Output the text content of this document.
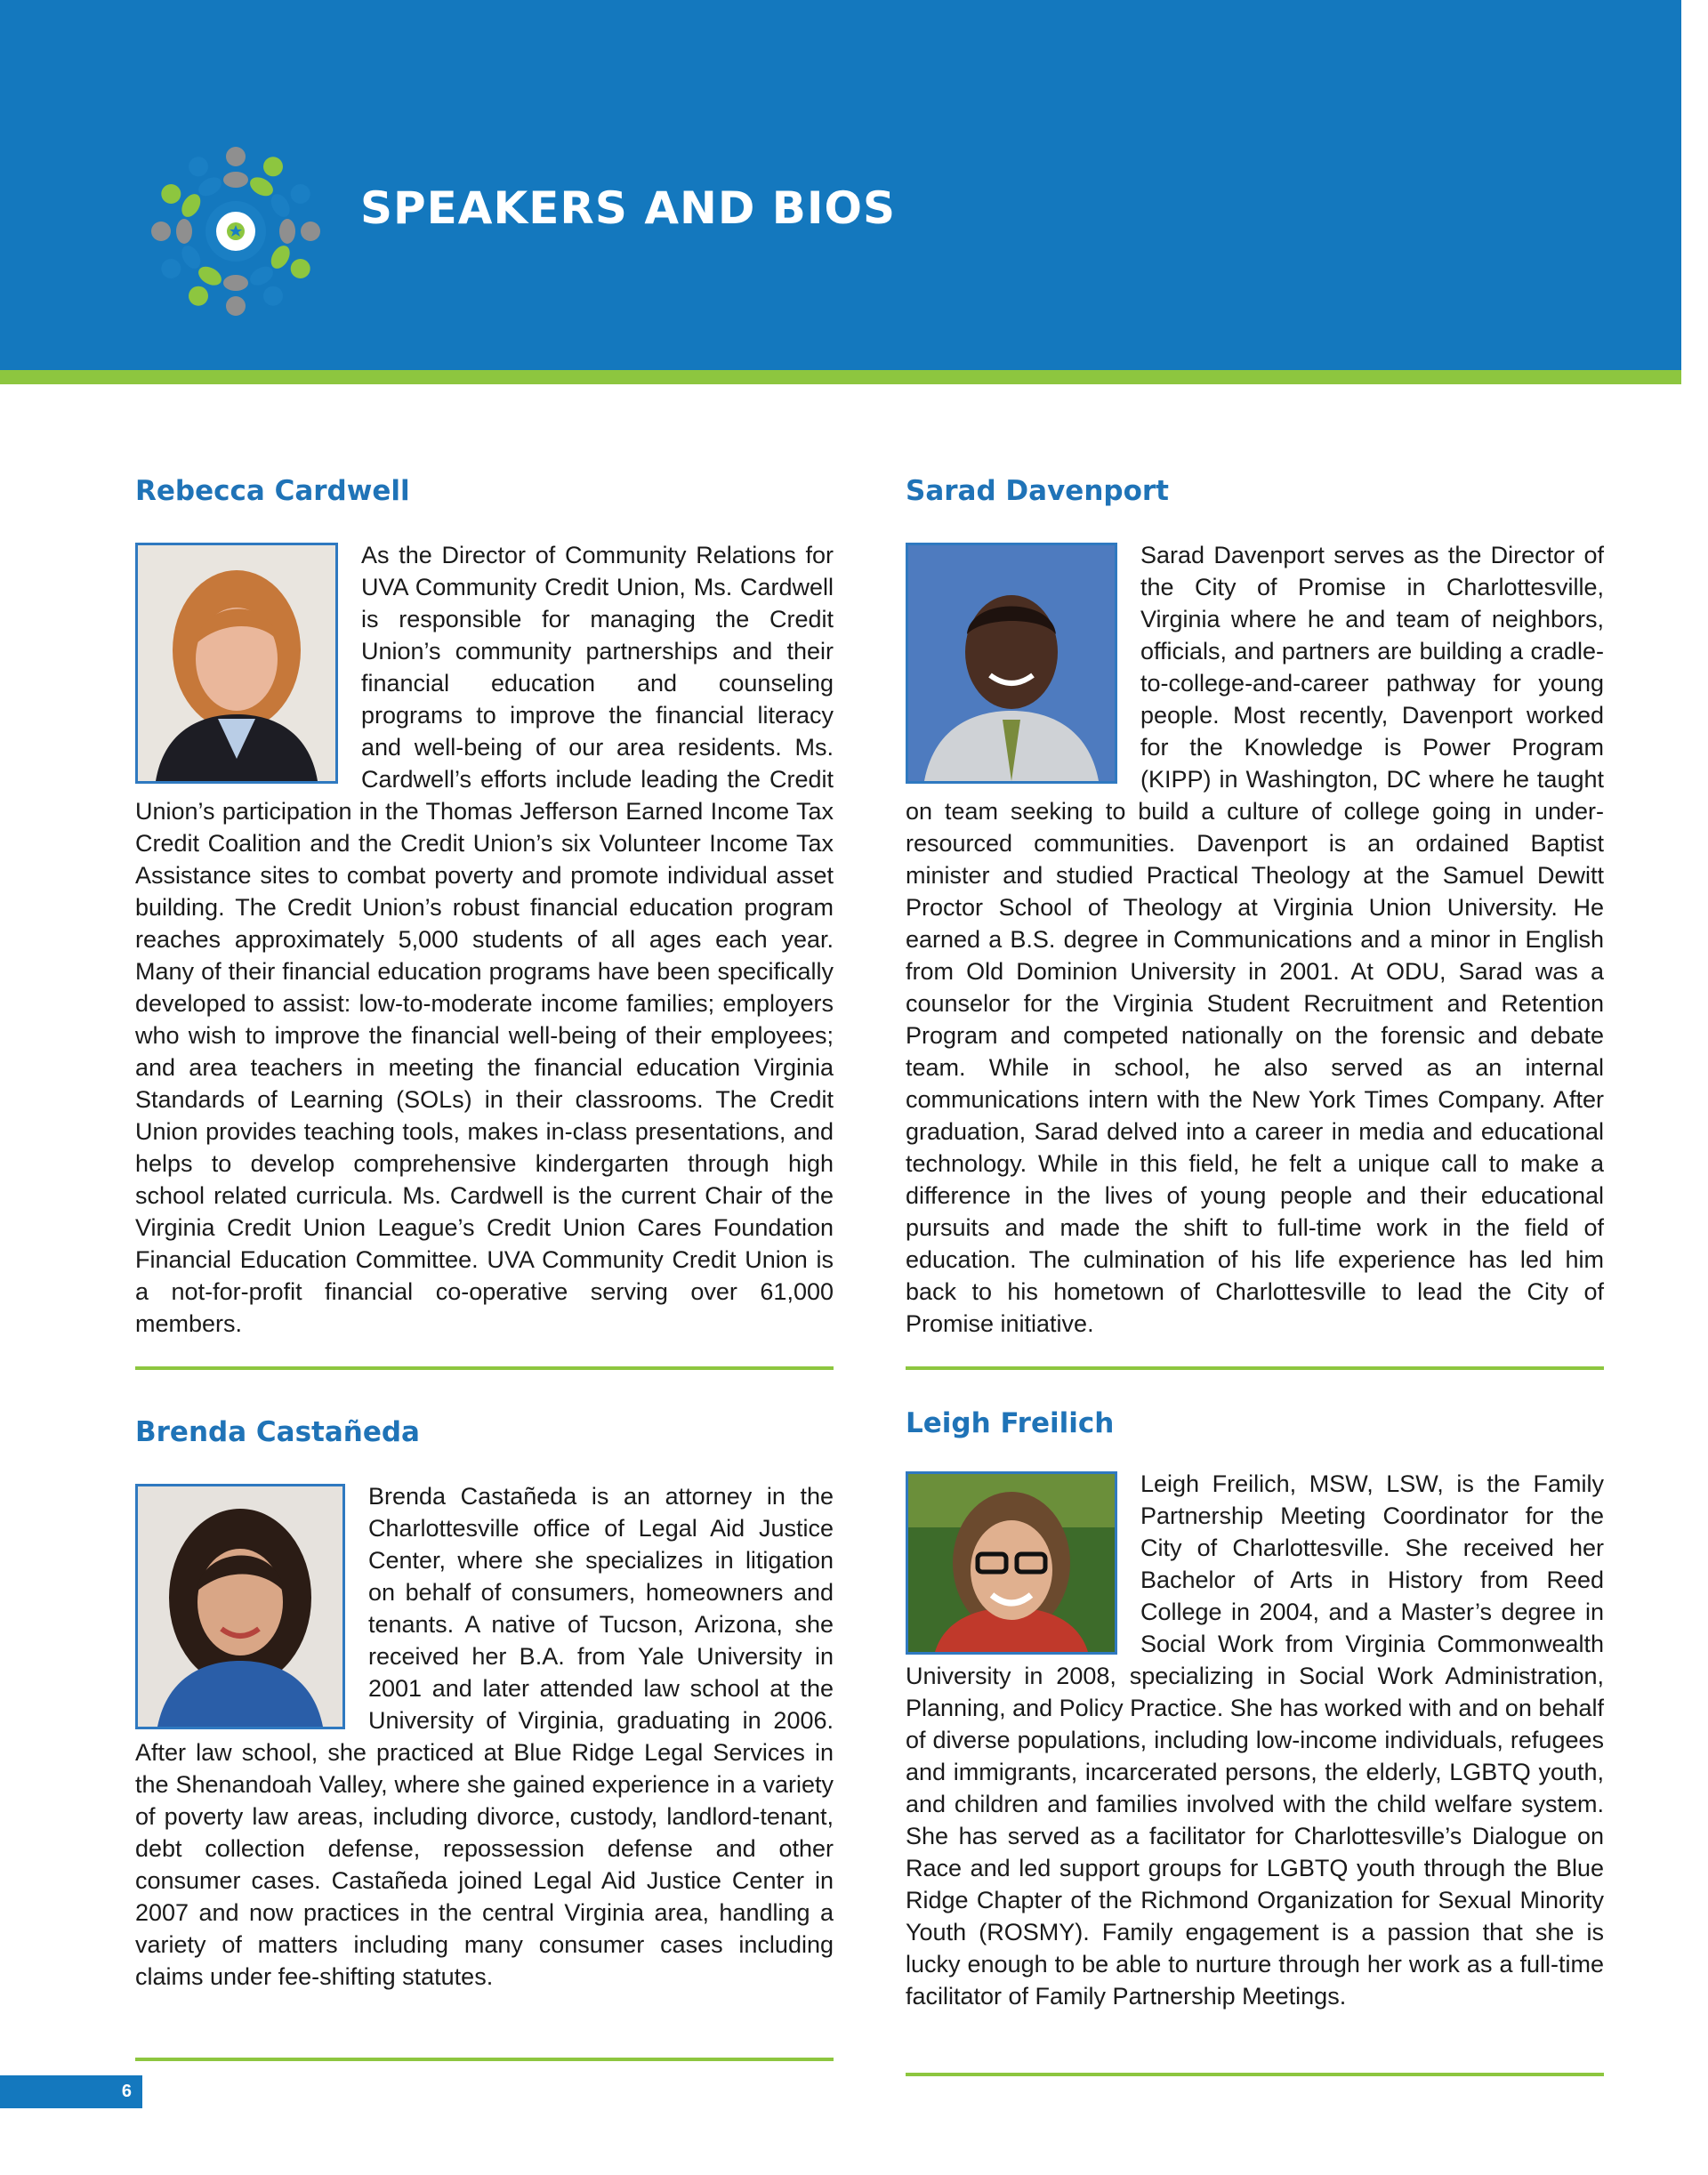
SPEAKERS AND BIOS
Rebecca Cardwell
As the Director of Community Relations for UVA Community Credit Union, Ms. Cardwell is responsible for managing the Credit Union’s community partnerships and their financial education and counseling programs to improve the financial literacy and well-being of our area residents. Ms. Cardwell’s efforts include leading the Credit Union’s participation in the Thomas Jefferson Earned Income Tax Credit Coalition and the Credit Union’s six Volunteer Income Tax Assistance sites to combat poverty and promote individual asset building. The Credit Union’s robust financial education program reaches approximately 5,000 students of all ages each year. Many of their financial education programs have been specifically developed to assist: low-to-moderate income families; employers who wish to improve the financial well-being of their employees; and area teachers in meeting the financial education Virginia Standards of Learning (SOLs) in their classrooms. The Credit Union provides teaching tools, makes in-class presentations, and helps to develop comprehensive kindergarten through high school related curricula. Ms. Cardwell is the current Chair of the Virginia Credit Union League’s Credit Union Cares Foundation Financial Education Committee. UVA Community Credit Union is a not-for-profit financial co-operative serving over 61,000 members.
Sarad Davenport
Sarad Davenport serves as the Director of the City of Promise in Charlottesville, Virginia where he and team of neighbors, officials, and partners are building a cradle-to-college-and-career pathway for young people. Most recently, Davenport worked for the Knowledge is Power Program (KIPP) in Washington, DC where he taught on team seeking to build a culture of college going in under-resourced communities. Davenport is an ordained Baptist minister and studied Practical Theology at the Samuel Dewitt Proctor School of Theology at Virginia Union University. He earned a B.S. degree in Communications and a minor in English from Old Dominion University in 2001. At ODU, Sarad was a counselor for the Virginia Student Recruitment and Retention Program and competed nationally on the forensic and debate team. While in school, he also served as an internal communications intern with the New York Times Company. After graduation, Sarad delved into a career in media and educational technology. While in this field, he felt a unique call to make a difference in the lives of young people and their educational pursuits and made the shift to full-time work in the field of education. The culmination of his life experience has led him back to his hometown of Charlottesville to lead the City of Promise initiative.
Brenda Castañeda
Brenda Castañeda is an attorney in the Charlottesville office of Legal Aid Justice Center, where she specializes in litigation on behalf of consumers, homeowners and tenants. A native of Tucson, Arizona, she received her B.A. from Yale University in 2001 and later attended law school at the University of Virginia, graduating in 2006. After law school, she practiced at Blue Ridge Legal Services in the Shenandoah Valley, where she gained experience in a variety of poverty law areas, including divorce, custody, landlord-tenant, debt collection defense, repossession defense and other consumer cases. Castañeda joined Legal Aid Justice Center in 2007 and now practices in the central Virginia area, handling a variety of matters including many consumer cases including claims under fee-shifting statutes.
Leigh Freilich
Leigh Freilich, MSW, LSW, is the Family Partnership Meeting Coordinator for the City of Charlottesville. She received her Bachelor of Arts in History from Reed College in 2004, and a Master’s degree in Social Work from Virginia Commonwealth University in 2008, specializing in Social Work Administration, Planning, and Policy Practice. She has worked with and on behalf of diverse populations, including low-income individuals, refugees and immigrants, incarcerated persons, the elderly, LGBTQ youth, and children and families involved with the child welfare system. She has served as a facilitator for Charlottesville’s Dialogue on Race and led support groups for LGBTQ youth through the Blue Ridge Chapter of the Richmond Organization for Sexual Minority Youth (ROSMY). Family engagement is a passion that she is lucky enough to be able to nurture through her work as a full-time facilitator of Family Partnership Meetings.
6
